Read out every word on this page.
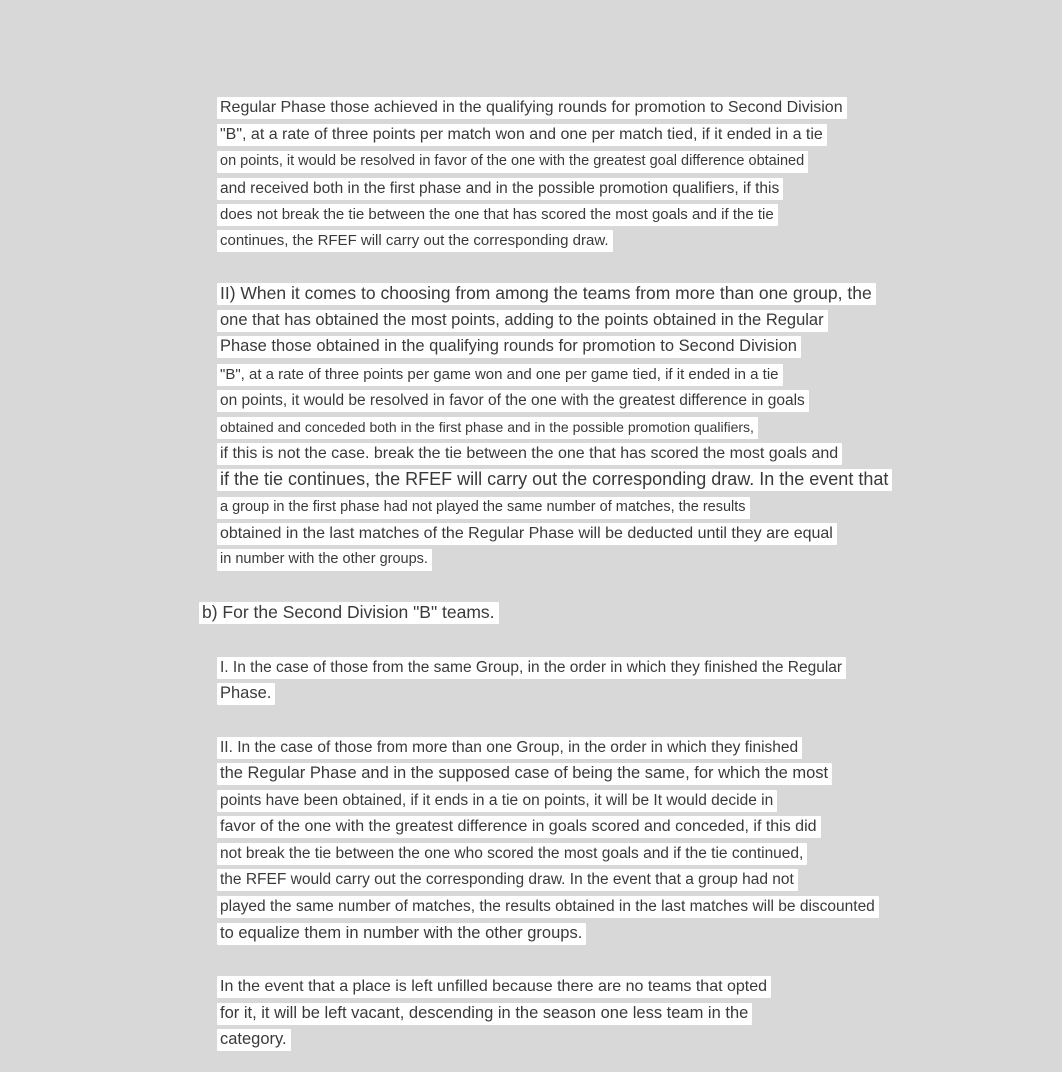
Regular Phase those achieved in the qualifying rounds for promotion to Second Division
"B", at a rate of three points per match won and one per match tied, if it ended in a tie
on points, it would be resolved in favor of the one with the greatest goal difference obtained
and received both in the first phase and in the possible promotion qualifiers, if this
does not break the tie between the one that has scored the most goals and if the tie
continues, the RFEF will carry out the corresponding draw.
II) When it comes to choosing from among the teams from more than one group, the
one that has obtained the most points, adding to the points obtained in the Regular
Phase those obtained in the qualifying rounds for promotion to Second Division
"B", at a rate of three points per game won and one per game tied, if it ended in a tie
on points, it would be resolved in favor of the one with the greatest difference in goals
obtained and conceded both in the first phase and in the possible promotion qualifiers,
if this is not the case. break the tie between the one that has scored the most goals and
if the tie continues, the RFEF will carry out the corresponding draw. In the event that
a group in the first phase had not played the same number of matches, the results
obtained in the last matches of the Regular Phase will be deducted until they are equal
in number with the other groups.
b) For the Second Division "B" teams.
I. In the case of those from the same Group, in the order in which they finished the Regular
Phase.
II. In the case of those from more than one Group, in the order in which they finished
the Regular Phase and in the supposed case of being the same, for which the most
points have been obtained, if it ends in a tie on points, it will be It would decide in
favor of the one with the greatest difference in goals scored and conceded, if this did
not break the tie between the one who scored the most goals and if the tie continued,
the RFEF would carry out the corresponding draw. In the event that a group had not
played the same number of matches, the results obtained in the last matches will be discounted
to equalize them in number with the other groups.
In the event that a place is left unfilled because there are no teams that opted
for it, it will be left vacant, descending in the season one less team in the
category.
